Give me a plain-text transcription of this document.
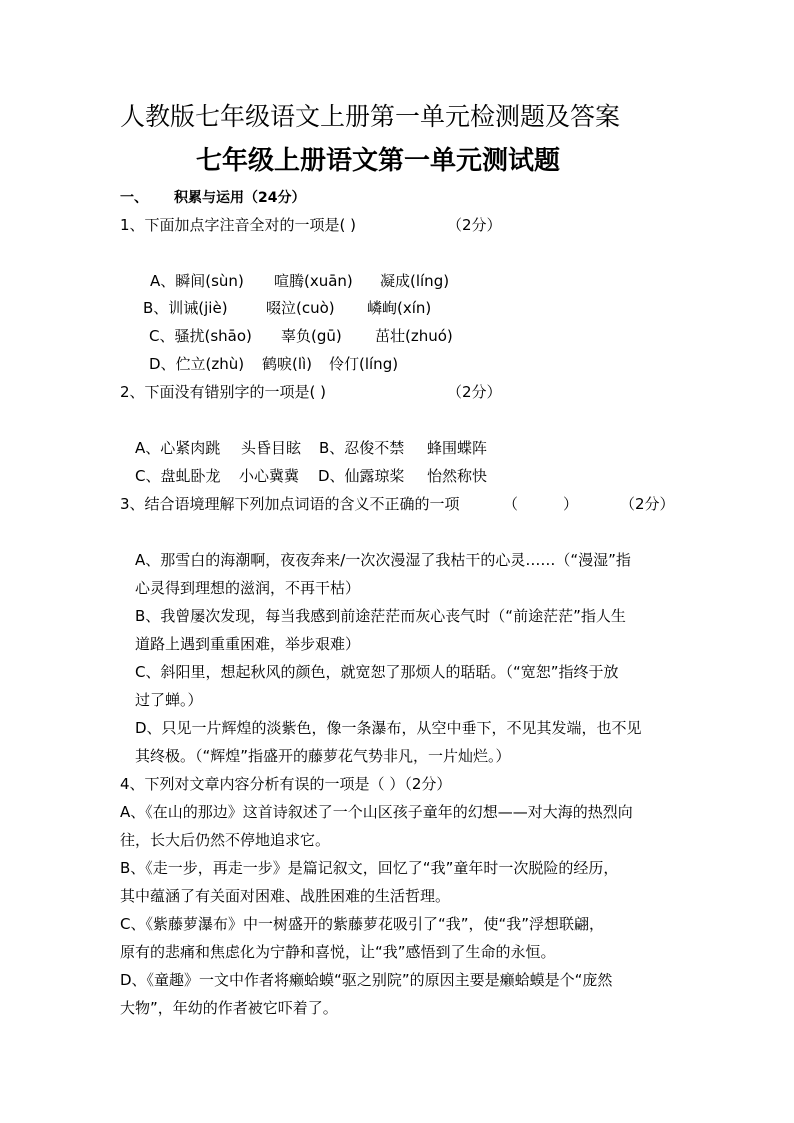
人教版七年级语文上册第一单元检测题及答案
七年级上册语文第一单元测试题
一、 积累与运用（24分）
1、下面加点字注音全对的一项是( )	（2分）
A、瞬间(sùn) 喧腾(xuān) 凝成(líng)
B、训诫(jiè)	啜泣(cuò) 嶙峋(xín)
C、骚扰(shāo) 辜负(gū) 茁壮(zhuó)
D、伫立(zhù) 鹤唳(lì) 伶仃(líng)
2、下面没有错别字的一项是( )	（2分）
A、心紧肉跳 头昏目眩 B、忍俊不禁 蜂围蝶阵
C、盘虬卧龙 小心冀冀 D、仙露琼桨 怡然称快
3、结合语境理解下列加点词语的含义不正确的一项	（　　　）	（2分）
A、那雪白的海潮啊，夜夜奔来/一次次漫湿了我枯干的心灵……（“漫湿”指
心灵得到理想的滋润，不再干枯）
B、我曾屡次发现，每当我感到前途茫茫而灰心丧气时（“前途茫茫”指人生
道路上遇到重重困难，举步艰难）
C、斜阳里，想起秋风的颜色，就宽恕了那烦人的聒聒。（“宽恕”指终于放
过了蝉。）
D、只见一片辉煌的淡紫色，像一条瀑布，从空中垂下，不见其发端，也不见
其终极。（“辉煌”指盛开的藤萝花气势非凡，一片灿烂。）
4、下列对文章内容分析有误的一项是（ ）（2分）
A、《在山的那边》这首诗叙述了一个山区孩子童年的幻想——对大海的热烈向
往，长大后仍然不停地追求它。
B、《走一步，再走一步》是篇记叙文，回忆了“我”童年时一次脱险的经历，
其中蕴涵了有关面对困难、战胜困难的生活哲理。
C、《紫藤萝瀑布》中一树盛开的紫藤萝花吸引了“我”，使“我”浮想联翩，
原有的悲痛和焦虑化为宁静和喜悦，让“我”感悟到了生命的永恒。
D、《童趣》一文中作者将癞蛤蟆“驱之别院”的原因主要是癞蛤蟆是个“庞然
大物”，年幼的作者被它吓着了。
